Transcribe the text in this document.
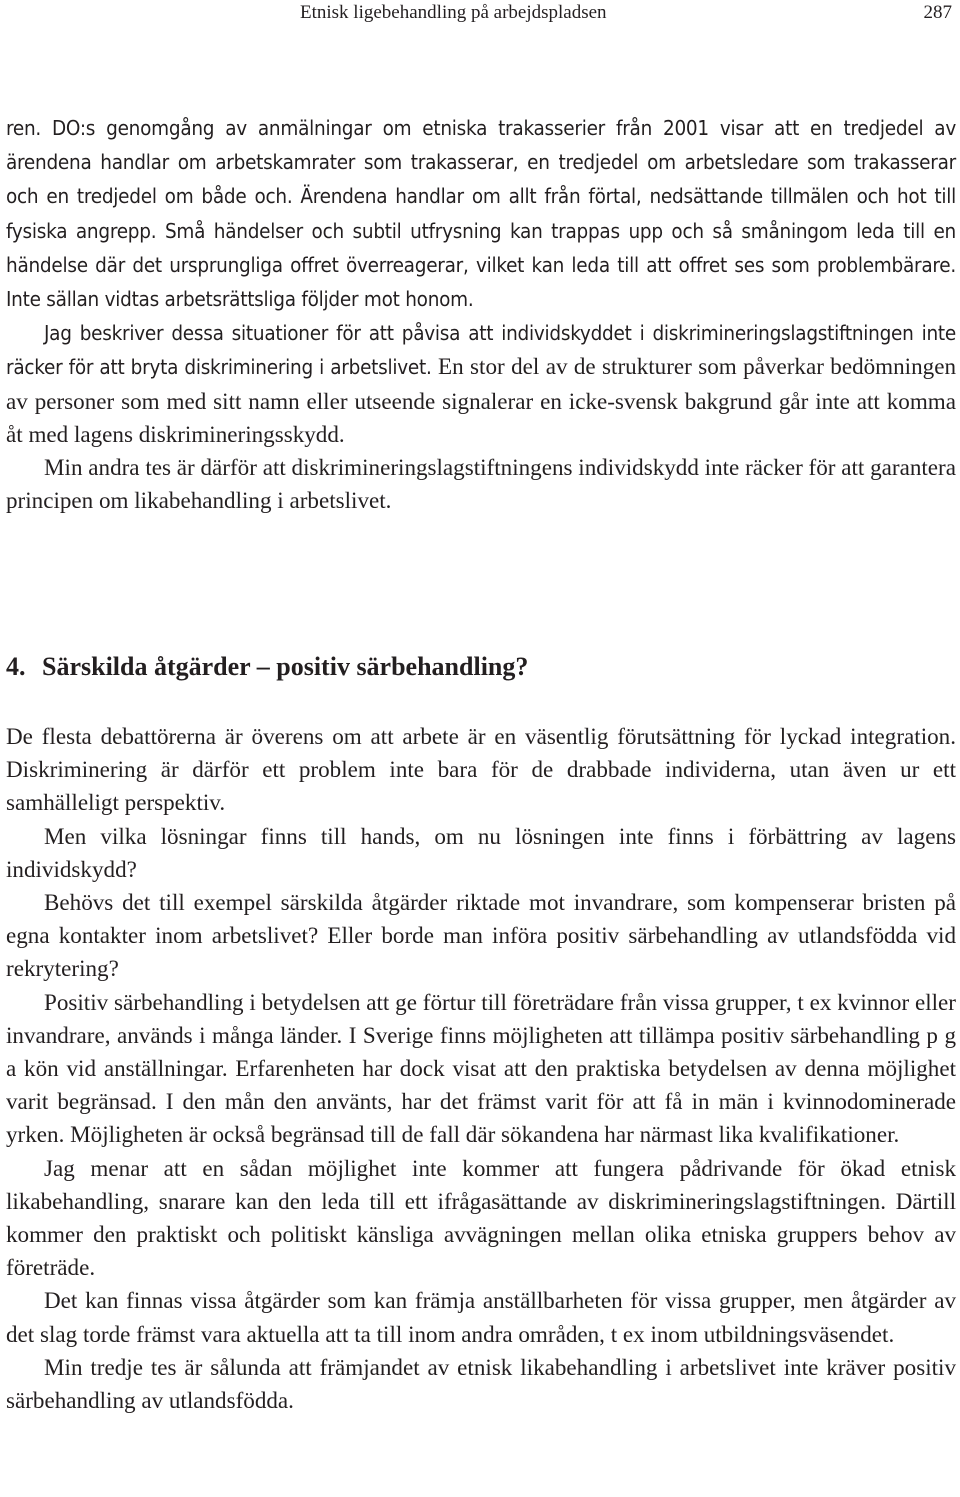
Etnisk ligebehandling på arbejdspladsen	287

ren. DO:s genomgång av anmälningar om etniska trakasserier från 2001 visar att en tredjedel av ärendena handlar om arbetskamrater som trakasserar, en tredjedel om arbetsledare som trakasserar och en tredjedel om både och. Ärendena handlar om allt från förtal, nedsättande tillmälen och hot till fysiska angrepp. Små händelser och subtil utfrysning kan trappas upp och så småningom leda till en händelse där det ursprungliga offret överreagerar, vilket kan leda till att offret ses som problembärare. Inte sällan vidtas arbetsrättsliga följder mot honom.

Jag beskriver dessa situationer för att påvisa att individskyddet i diskrimineringslagstiftningen inte räcker för att bryta diskriminering i arbetslivet. En stor del av de strukturer som påverkar bedömningen av personer som med sitt namn eller utseende signalerar en icke-svensk bakgrund går inte att komma åt med lagens diskrimineringsskydd.

Min andra tes är därför att diskrimineringslagstiftningens individskydd inte räcker för att garantera principen om likabehandling i arbetslivet.

4. Särskilda åtgärder – positiv särbehandling?

De flesta debattörerna är överens om att arbete är en väsentlig förutsättning för lyckad integration. Diskriminering är därför ett problem inte bara för de drabbade individerna, utan även ur ett samhälleligt perspektiv.

Men vilka lösningar finns till hands, om nu lösningen inte finns i förbättring av lagens individskydd?

Behövs det till exempel särskilda åtgärder riktade mot invandrare, som kompenserar bristen på egna kontakter inom arbetslivet? Eller borde man införa positiv särbehandling av utlandsfödda vid rekrytering?

Positiv särbehandling i betydelsen att ge förtur till företrädare från vissa grupper, t ex kvinnor eller invandrare, används i många länder. I Sverige finns möjligheten att tillämpa positiv särbehandling p g a kön vid anställningar. Erfarenheten har dock visat att den praktiska betydelsen av denna möjlighet varit begränsad. I den mån den använts, har det främst varit för att få in män i kvinnodominerade yrken. Möjligheten är också begränsad till de fall där sökandena har närmast lika kvalifikationer.

Jag menar att en sådan möjlighet inte kommer att fungera pådrivande för ökad etnisk likabehandling, snarare kan den leda till ett ifrågasättande av diskrimineringslagstiftningen. Därtill kommer den praktiskt och politiskt känsliga avvägningen mellan olika etniska gruppers behov av företräde.

Det kan finnas vissa åtgärder som kan främja anställbarheten för vissa grupper, men åtgärder av det slag torde främst vara aktuella att ta till inom andra områden, t ex inom utbildningsväsendet.

Min tredje tes är sålunda att främjandet av etnisk likabehandling i arbetslivet inte kräver positiv särbehandling av utlandsfödda.
